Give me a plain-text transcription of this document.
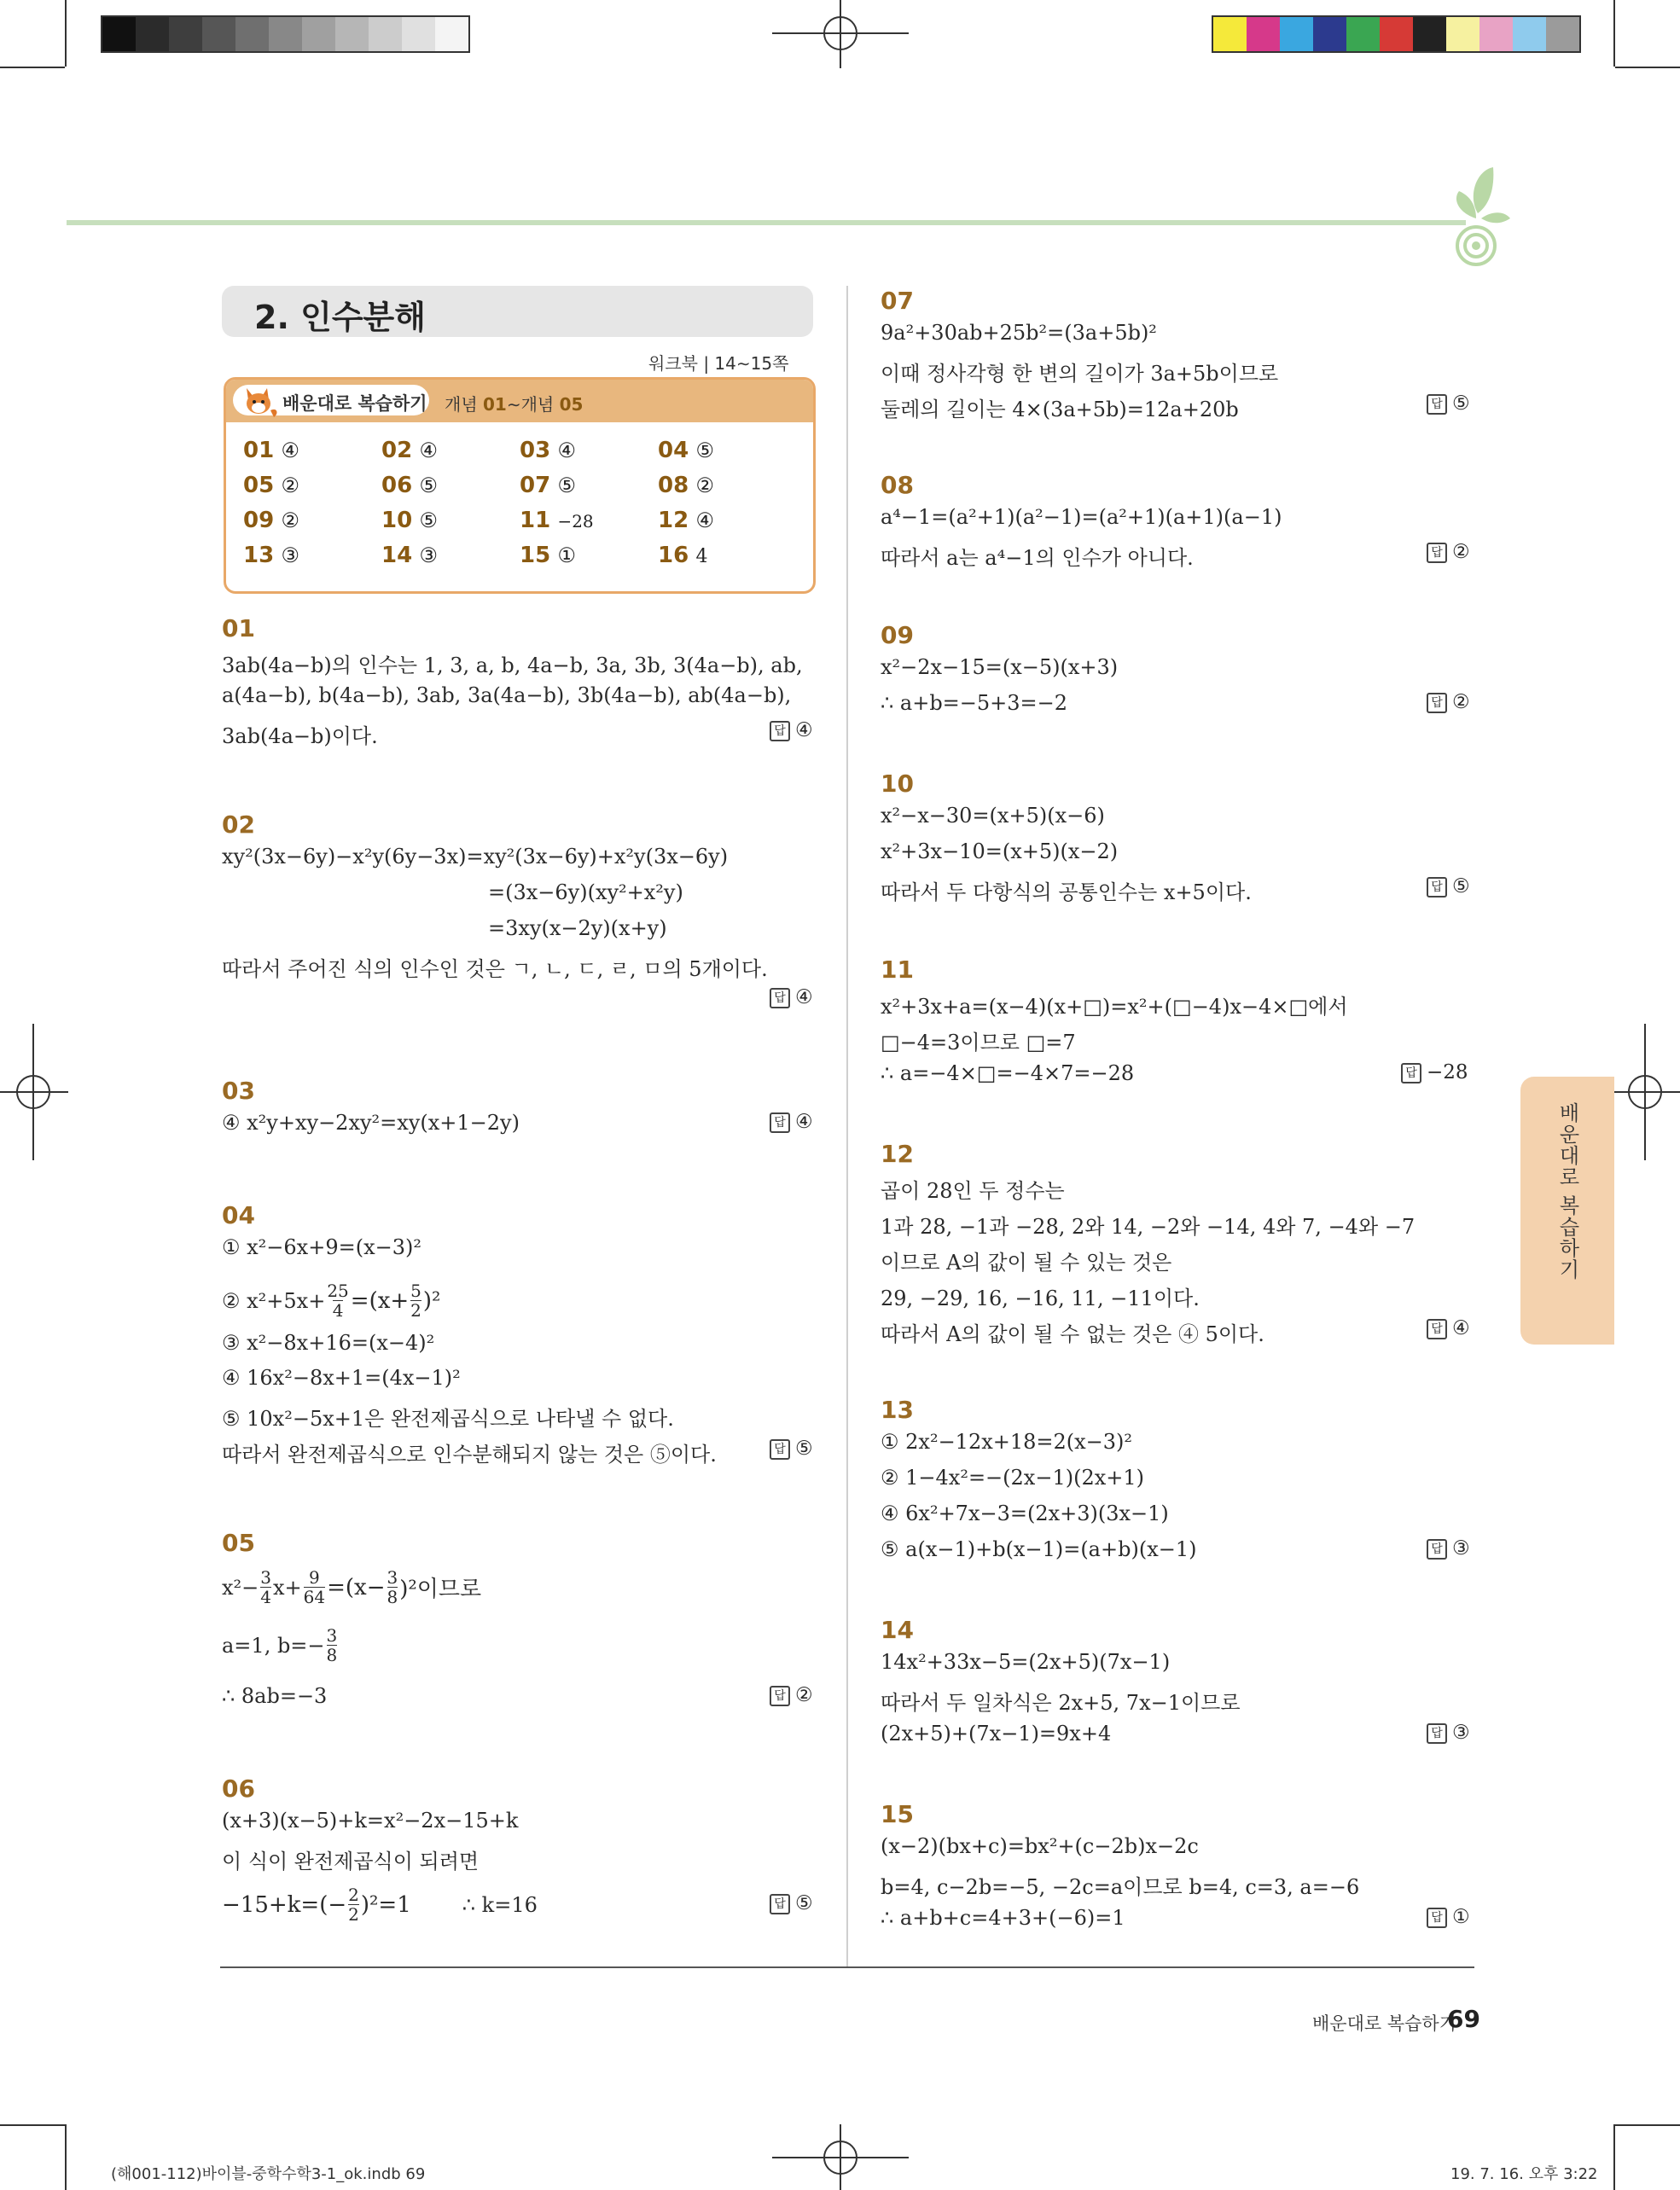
2. 인수분해
워크북 | 14∼15쪽
배운대로 복습하기 개념 01∼개념 05
01 ④	02 ④	03 ④	04 ⑤
05 ②	06 ⑤	07 ⑤	08 ②
09 ②	10 ⑤	11 −28	12 ④
13 ③	14 ③	15 ①	16 4
01
3ab(4a−b)의 인수는 1, 3, a, b, 4a−b, 3a, 3b, 3(4a−b), ab,
a(4a−b), b(4a−b), 3ab, 3a(4a−b), 3b(4a−b), ab(4a−b),
3ab(4a−b)이다.	답 ④
02
xy²(3x−6y)−x²y(6y−3x)=xy²(3x−6y)+x²y(3x−6y)
=(3x−6y)(xy²+x²y)
=3xy(x−2y)(x+y)
따라서 주어진 식의 인수인 것은 ㄱ, ㄴ, ㄷ, ㄹ, ㅁ의 5개이다.
답 ④
03
④ x²y+xy−2xy²=xy(x+1−2y)	답 ④
04
① x²−6x+9=(x−3)²
② $x^2+5x+ \frac{25}{4} =(x+ \frac{5}{2} )^2$
③ x²−8x+16=(x−4)²
④ 16x²−8x+1=(4x−1)²
⑤ 10x²−5x+1은 완전제곱식으로 나타낼 수 없다.
따라서 완전제곱식으로 인수분해되지 않는 것은 ⑤이다.	답 ⑤
05
$x^2- \frac{3}{4} x+ \frac{9}{64} =(x- \frac{3}{8} )^2$이므로
a=1, $b=- \frac{3}{8}$
∴ 8ab=−3	답 ②
06
(x+3)(x−5)+k=x²−2x−15+k
이 식이 완전제곱식이 되려면
$-15+k=(- \frac{2}{2} )^2=1$	∴ k=16	답 ⑤
07
9a²+30ab+25b²=(3a+5b)²
이때 정사각형 한 변의 길이가 3a+5b이므로
둘레의 길이는 4×(3a+5b)=12a+20b	답 ⑤
08
a⁴−1=(a²+1)(a²−1)=(a²+1)(a+1)(a−1)
따라서 a는 a⁴−1의 인수가 아니다.	답 ②
09
x²−2x−15=(x−5)(x+3)
∴ a+b=−5+3=−2	답 ②
10
x²−x−30=(x+5)(x−6)
x²+3x−10=(x+5)(x−2)
따라서 두 다항식의 공통인수는 x+5이다.	답 ⑤
11
x²+3x+a=(x−4)(x+□)=x²+(□−4)x−4×□에서
□−4=3이므로 □=7
∴ a=−4×□=−4×7=−28	답 −28
12
곱이 28인 두 정수는
1과 28, −1과 −28, 2와 14, −2와 −14, 4와 7, −4와 −7
이므로 A의 값이 될 수 있는 것은
29, −29, 16, −16, 11, −11이다.
따라서 A의 값이 될 수 없는 것은 ④ 5이다.	답 ④
13
① 2x²−12x+18=2(x−3)²
② 1−4x²=−(2x−1)(2x+1)
④ 6x²+7x−3=(2x+3)(3x−1)
⑤ a(x−1)+b(x−1)=(a+b)(x−1)	답 ③
14
14x²+33x−5=(2x+5)(7x−1)
따라서 두 일차식은 2x+5, 7x−1이므로
(2x+5)+(7x−1)=9x+4	답 ③
15
(x−2)(bx+c)=bx²+(c−2b)x−2c
b=4, c−2b=−5, −2c=a이므로 b=4, c=3, a=−6
∴ a+b+c=4+3+(−6)=1	답 ①
배운대로 복습하기
배운대로 복습하기
69
(해001-112)바이블-중학수학3-1_ok.indb 69	19. 7. 16. 오후 3:22
